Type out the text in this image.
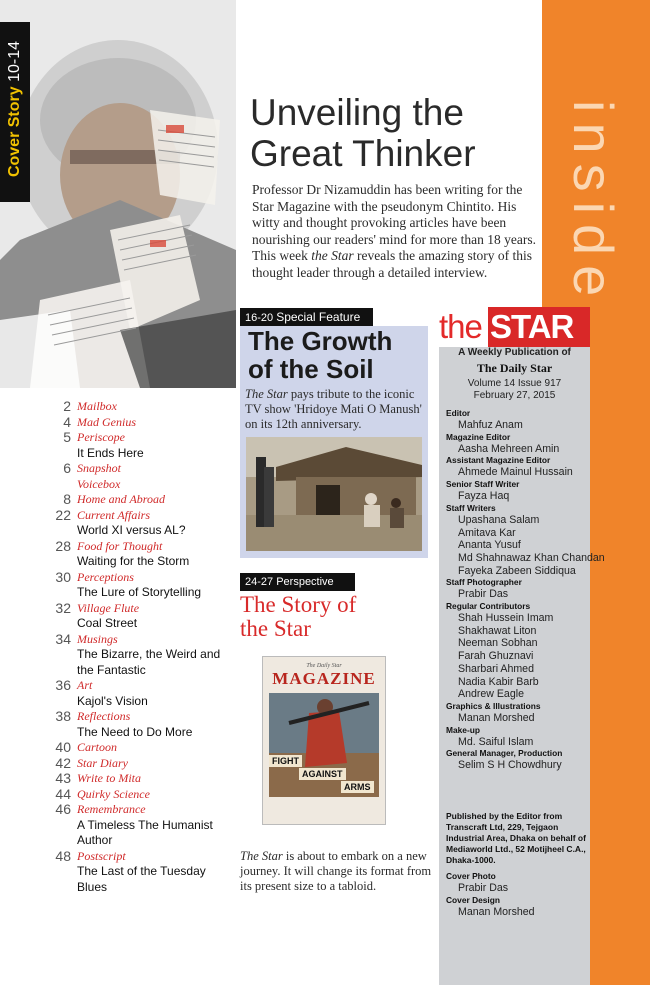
Cover Story 10-14
inside
Unveiling the
Great Thinker
Professor Dr Nizamuddin has been writing for the Star Magazine with the pseudonym Chintito. His witty and thought provoking articles have been nourishing our readers' mind for more than 18 years. This week the Star reveals the amazing story of this thought leader through a detailed interview.
16-20 Special Feature
The Growth
of the Soil
The Star pays tribute to the iconic TV show 'Hridoye Mati O Manush' on its 12th anniversary.
24-27 Perspective
The Story of
the Star
The Daily Star
MAGAZINE
FIGHT
AGAINST
ARMS
The Star is about to embark on a new journey. It will change its format from its present size to a tabloid.
2 Mailbox
4 Mad Genius
5 Periscope
It Ends Here
6 Snapshot
Voicebox
8 Home and Abroad
22 Current Affairs
World XI versus AL?
28 Food for Thought
Waiting for the Storm
30 Perceptions
The Lure of Storytelling
32 Village Flute
Coal Street
34 Musings
The Bizarre, the Weird and the Fantastic
36 Art
Kajol's Vision
38 Reflections
The Need to Do More
40 Cartoon
42 Star Diary
43 Write to Mita
44 Quirky Science
46 Remembrance
A Timeless The Humanist Author
48 Postscript
The Last of the Tuesday Blues
the STAR
A Weekly Publication of
The Daily Star
Volume 14 Issue 917
February 27, 2015
Editor
Mahfuz Anam
Magazine Editor
Aasha Mehreen Amin
Assistant Magazine Editor
Ahmede Mainul Hussain
Senior Staff Writer
Fayza Haq
Staff Writers
Upashana Salam
Amitava Kar
Ananta Yusuf
Md Shahnawaz Khan Chandan
Fayeka Zabeen Siddiqua
Staff Photographer
Prabir Das
Regular Contributors
Shah Hussein Imam
Shakhawat Liton
Neeman Sobhan
Farah Ghuznavi
Sharbari Ahmed
Nadia Kabir Barb
Andrew Eagle
Graphics & Illustrations
Manan Morshed
Make-up
Md. Saiful Islam
General Manager, Production
Selim S H Chowdhury
Published by the Editor from Transcraft Ltd, 229, Tejgaon Industrial Area, Dhaka on behalf of Mediaworld Ltd., 52 Motijheel C.A., Dhaka-1000.
Cover Photo
Prabir Das
Cover Design
Manan Morshed
